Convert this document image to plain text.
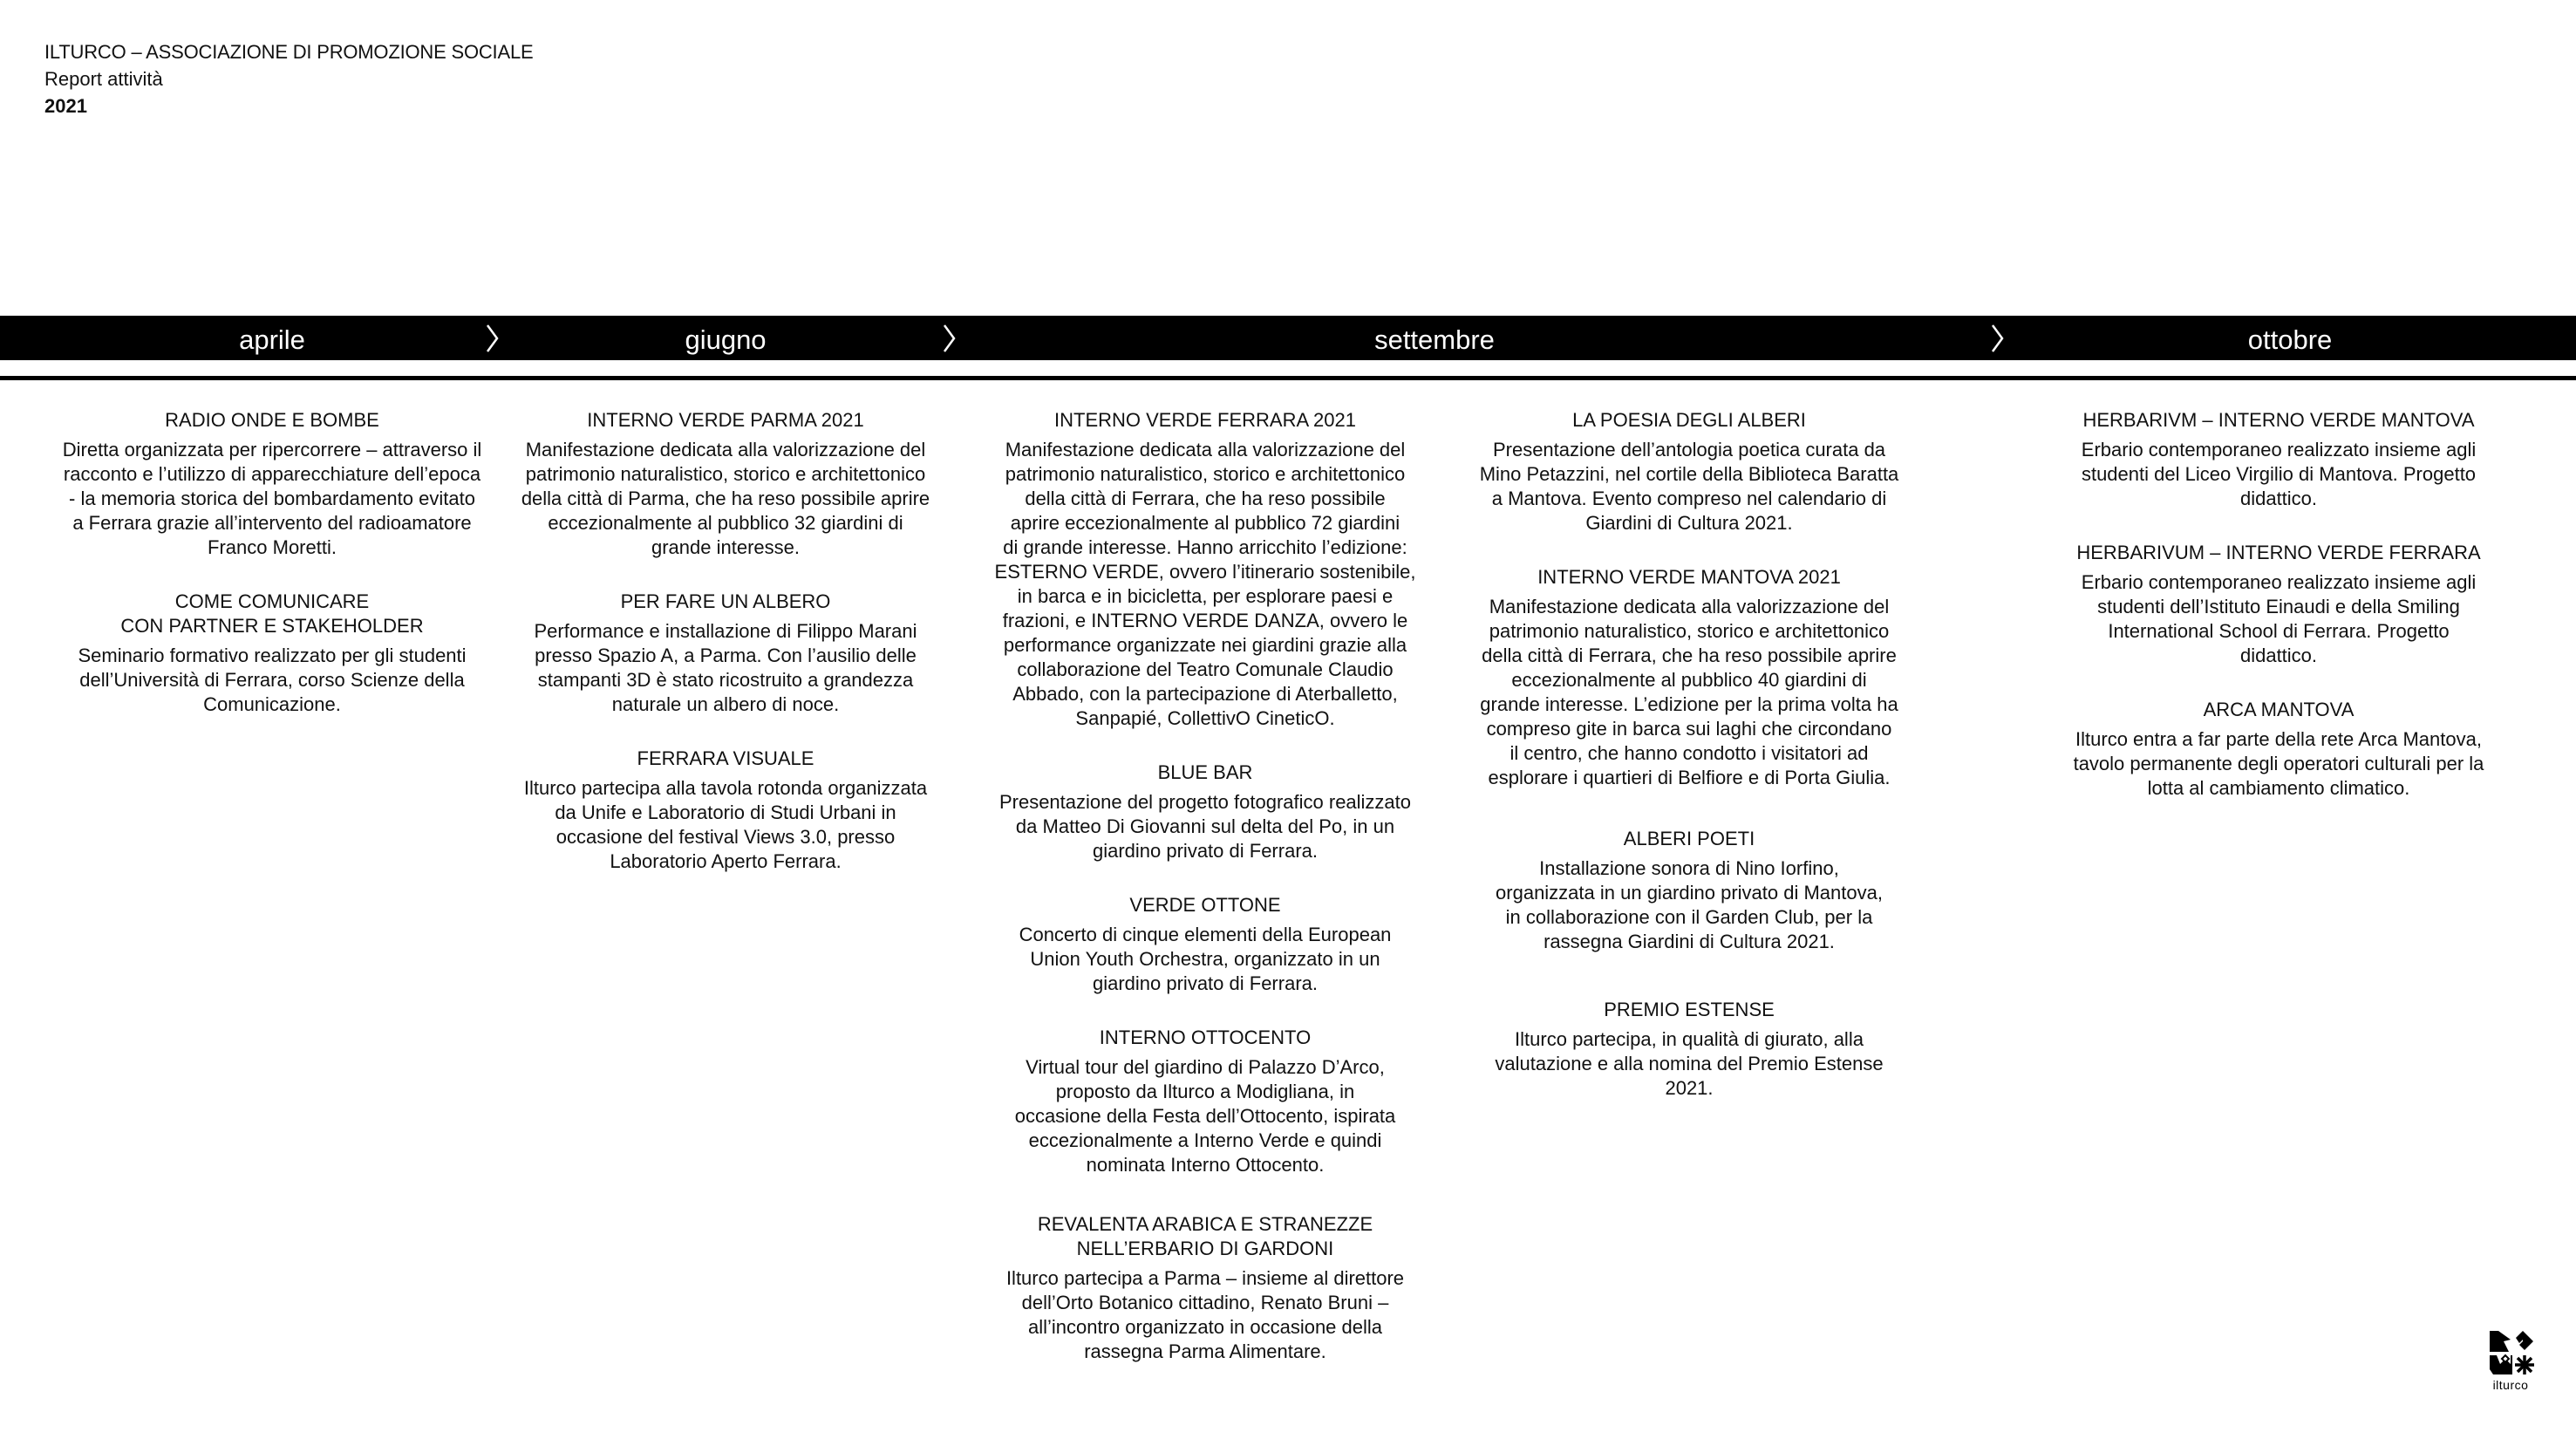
ILTURCO – ASSOCIAZIONE DI PROMOZIONE SOCIALE
Report attività
2021
aprile	giugno	settembre	ottobre
RADIO ONDE E BOMBE
Diretta organizzata per ripercorrere – attraverso il
racconto e l’utilizzo di apparecchiature dell’epoca
- la memoria storica del bombardamento evitato
a Ferrara grazie all’intervento del radioamatore
Franco Moretti.
COME COMUNICARE
CON PARTNER E STAKEHOLDER
Seminario formativo realizzato per gli studenti
dell’Università di Ferrara, corso Scienze della
Comunicazione.
INTERNO VERDE PARMA 2021
Manifestazione dedicata alla valorizzazione del
patrimonio naturalistico, storico e architettonico
della città di Parma, che ha reso possibile aprire
eccezionalmente al pubblico 32 giardini di
grande interesse.
PER FARE UN ALBERO
Performance e installazione di Filippo Marani
presso Spazio A, a Parma. Con l’ausilio delle
stampanti 3D è stato ricostruito a grandezza
naturale un albero di noce.
FERRARA VISUALE
Ilturco partecipa alla tavola rotonda organizzata
da Unife e Laboratorio di Studi Urbani in
occasione del festival Views 3.0, presso
Laboratorio Aperto Ferrara.
INTERNO VERDE FERRARA 2021
Manifestazione dedicata alla valorizzazione del
patrimonio naturalistico, storico e architettonico
della città di Ferrara, che ha reso possibile
aprire eccezionalmente al pubblico 72 giardini
di grande interesse. Hanno arricchito l’edizione:
ESTERNO VERDE, ovvero l’itinerario sostenibile,
in barca e in bicicletta, per esplorare paesi e
frazioni, e INTERNO VERDE DANZA, ovvero le
performance organizzate nei giardini grazie alla
collaborazione del Teatro Comunale Claudio
Abbado, con la partecipazione di Aterballetto,
Sanpapié, CollettivO CineticO.
BLUE BAR
Presentazione del progetto fotografico realizzato
da Matteo Di Giovanni sul delta del Po, in un
giardino privato di Ferrara.
VERDE OTTONE
Concerto di cinque elementi della European
Union Youth Orchestra, organizzato in un
giardino privato di Ferrara.
INTERNO OTTOCENTO
Virtual tour del giardino di Palazzo D’Arco,
proposto da Ilturco a Modigliana, in
occasione della Festa dell’Ottocento, ispirata
eccezionalmente a Interno Verde e quindi
nominata Interno Ottocento.
REVALENTA ARABICA E STRANEZZE
NELL’ERBARIO DI GARDONI
Ilturco partecipa a Parma – insieme al direttore
dell’Orto Botanico cittadino, Renato Bruni –
all’incontro organizzato in occasione della
rassegna Parma Alimentare.
LA POESIA DEGLI ALBERI
Presentazione dell’antologia poetica curata da
Mino Petazzini, nel cortile della Biblioteca Baratta
a Mantova. Evento compreso nel calendario di
Giardini di Cultura 2021.
INTERNO VERDE MANTOVA 2021
Manifestazione dedicata alla valorizzazione del
patrimonio naturalistico, storico e architettonico
della città di Ferrara, che ha reso possibile aprire
eccezionalmente al pubblico 40 giardini di
grande interesse. L’edizione per la prima volta ha
compreso gite in barca sui laghi che circondano
il centro, che hanno condotto i visitatori ad
esplorare i quartieri di Belfiore e di Porta Giulia.
ALBERI POETI
Installazione sonora di Nino Iorfino,
organizzata in un giardino privato di Mantova,
in collaborazione con il Garden Club, per la
rassegna Giardini di Cultura 2021.
PREMIO ESTENSE
Ilturco partecipa, in qualità di giurato, alla
valutazione e alla nomina del Premio Estense
2021.
HERBARIVM – INTERNO VERDE MANTOVA
Erbario contemporaneo realizzato insieme agli
studenti del Liceo Virgilio di Mantova. Progetto
didattico.
HERBARIVUM – INTERNO VERDE FERRARA
Erbario contemporaneo realizzato insieme agli
studenti dell’Istituto Einaudi e della Smiling
International School di Ferrara. Progetto
didattico.
ARCA MANTOVA
Ilturco entra a far parte della rete Arca Mantova,
tavolo permanente degli operatori culturali per la
lotta al cambiamento climatico.
ilturco
